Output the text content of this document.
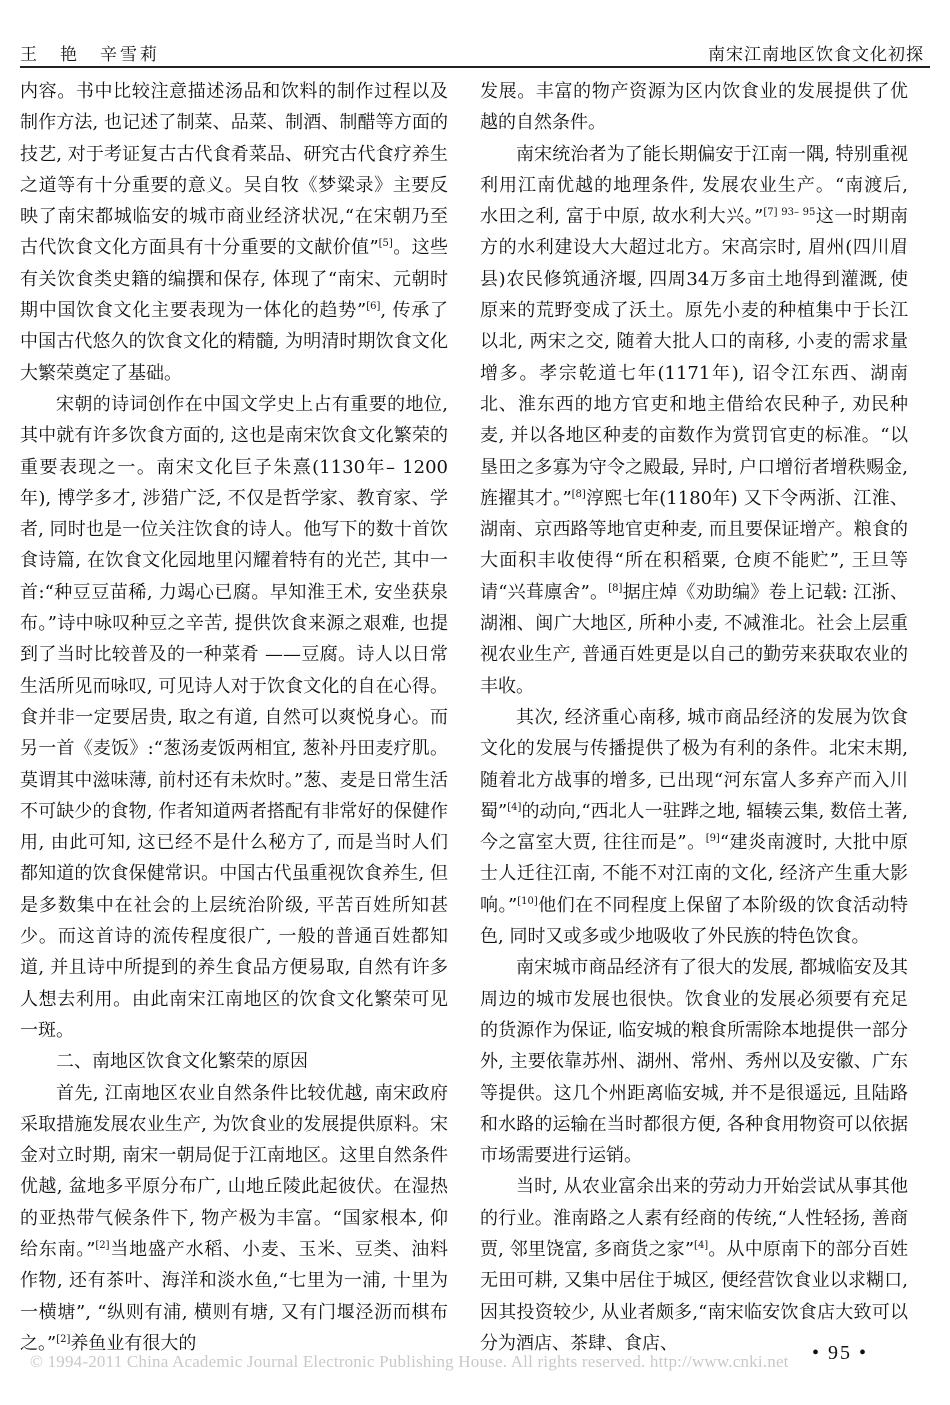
王　艳　辛雪莉	南宋江南地区饮食文化初探

内容。书中比较注意描述汤品和饮料的制作过程以及制作方法, 也记述了制菜、品菜、制酒、制醋等方面的技艺, 对于考证复古古代食肴菜品、研究古代食疗养生之道等有十分重要的意义。吴自牧《梦粱录》主要反映了南宋都城临安的城市商业经济状况,“在宋朝乃至古代饮食文化方面具有十分重要的文献价值”[5]。这些有关饮食类史籍的编撰和保存, 体现了“南宋、元朝时期中国饮食文化主要表现为一体化的趋势”[6], 传承了中国古代悠久的饮食文化的精髓, 为明清时期饮食文化大繁荣奠定了基础。

宋朝的诗词创作在中国文学史上占有重要的地位, 其中就有许多饮食方面的, 这也是南宋饮食文化繁荣的重要表现之一。南宋文化巨子朱熹(1130年– 1200年), 博学多才, 涉猎广泛, 不仅是哲学家、教育家、学者, 同时也是一位关注饮食的诗人。他写下的数十首饮食诗篇, 在饮食文化园地里闪耀着特有的光芒, 其中一首:“种豆豆苗稀, 力竭心已腐。早知淮王术, 安坐获泉布。”诗中咏叹种豆之辛苦, 提供饮食来源之艰难, 也提到了当时比较普及的一种菜肴 ——豆腐。诗人以日常生活所见而咏叹, 可见诗人对于饮食文化的自在心得。食并非一定要居贵, 取之有道, 自然可以爽悦身心。而另一首《麦饭》:“葱汤麦饭两相宜, 葱补丹田麦疗肌。莫谓其中滋味薄, 前村还有未炊时。”葱、麦是日常生活不可缺少的食物, 作者知道两者搭配有非常好的保健作用, 由此可知, 这已经不是什么秘方了, 而是当时人们都知道的饮食保健常识。中国古代虽重视饮食养生, 但是多数集中在社会的上层统治阶级, 平苦百姓所知甚少。而这首诗的流传程度很广, 一般的普通百姓都知道, 并且诗中所提到的养生食品方便易取, 自然有许多人想去利用。由此南宋江南地区的饮食文化繁荣可见一斑。

二、南地区饮食文化繁荣的原因

首先, 江南地区农业自然条件比较优越, 南宋政府采取措施发展农业生产, 为饮食业的发展提供原料。宋金对立时期, 南宋一朝局促于江南地区。这里自然条件优越, 盆地多平原分布广, 山地丘陵此起彼伏。在湿热的亚热带气候条件下, 物产极为丰富。“国家根本, 仰给东南。”[2]当地盛产水稻、小麦、玉米、豆类、油料作物, 还有茶叶、海洋和淡水鱼,“七里为一浦, 十里为一横塘”, “纵则有浦, 横则有塘, 又有门堰泾沥而棋布之。”[2]养鱼业有很大的

发展。丰富的物产资源为区内饮食业的发展提供了优越的自然条件。

南宋统治者为了能长期偏安于江南一隅, 特别重视利用江南优越的地理条件, 发展农业生产。“南渡后, 水田之利, 富于中原, 故水利大兴。”$^{[7] 93- 95}$这一时期南方的水利建设大大超过北方。宋高宗时, 眉州(四川眉县)农民修筑通济堰, 四周34万多亩土地得到灌溉, 使原来的荒野变成了沃土。原先小麦的种植集中于长江以北, 两宋之交, 随着大批人口的南移, 小麦的需求量增多。孝宗乾道七年(1171年), 诏令江东西、湖南北、淮东西的地方官吏和地主借给农民种子, 劝民种麦, 并以各地区种麦的亩数作为赏罚官吏的标准。“以垦田之多寡为守令之殿最, 异时, 户口增衍者增秩赐金, 旌擢其才。”[8]淳熙七年(1180年) 又下令两浙、江淮、湖南、京西路等地官吏种麦, 而且要保证增产。粮食的大面积丰收使得“所在积稻粟, 仓庾不能贮”, 王旦等请“兴葺廪舍”。[8]据庄焯《劝助编》卷上记载: 江浙、湖湘、闽广大地区, 所种小麦, 不减淮北。社会上层重视农业生产, 普通百姓更是以自己的勤劳来获取农业的丰收。

其次, 经济重心南移, 城市商品经济的发展为饮食文化的发展与传播提供了极为有利的条件。北宋末期, 随着北方战事的增多, 已出现“河东富人多弃产而入川蜀”[4]的动向,“西北人一驻跸之地, 辐辏云集, 数倍土著, 今之富室大贾, 往往而是”。[9]“建炎南渡时, 大批中原士人迁往江南, 不能不对江南的文化, 经济产生重大影响。”[10]他们在不同程度上保留了本阶级的饮食活动特色, 同时又或多或少地吸收了外民族的特色饮食。

南宋城市商品经济有了很大的发展, 都城临安及其周边的城市发展也很快。饮食业的发展必须要有充足的货源作为保证, 临安城的粮食所需除本地提供一部分外, 主要依靠苏州、湖州、常州、秀州以及安徽、广东等提供。这几个州距离临安城, 并不是很遥远, 且陆路和水路的运输在当时都很方便, 各种食用物资可以依据市场需要进行运销。

当时, 从农业富余出来的劳动力开始尝试从事其他的行业。淮南路之人素有经商的传统,“人性轻扬, 善商贾, 邻里饶富, 多商货之家”[4]。从中原南下的部分百姓无田可耕, 又集中居住于城区, 便经营饮食业以求糊口, 因其投资较少, 从业者颇多,“南宋临安饮食店大致可以分为酒店、茶肆、食店、

© 1994-2011 China Academic Journal Electronic Publishing House. All rights reserved. http://www.cnki.net • 95 •
